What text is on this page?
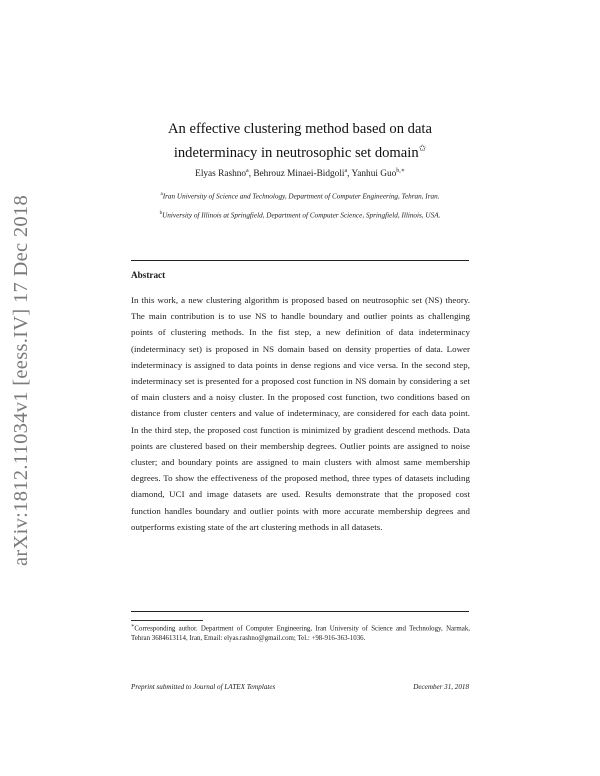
arXiv:1812.11034v1 [eess.IV] 17 Dec 2018
An effective clustering method based on data
indeterminacy in neutrosophic set domain✩
Elyas Rashno$^a$, Behrouz Minaei-Bidgoli$^a$, Yanhui Guo$^{b,∗}$
$^a$Iran University of Science and Technology, Department of Computer Engineering, Tehran, Iran.
$^b$University of Illinois at Springfield, Department of Computer Science, Springfield, Illinois, USA.
Abstract

In this work, a new clustering algorithm is proposed based on neutrosophic set (NS) theory. The main contribution is to use NS to handle boundary and outlier points as challenging points of clustering methods. In the fist step, a new definition of data indeterminacy (indeterminacy set) is proposed in NS domain based on density properties of data. Lower indeterminacy is assigned to data points in dense regions and vice versa. In the second step, indeterminacy set is presented for a proposed cost function in NS domain by considering a set of main clusters and a noisy cluster. In the proposed cost function, two conditions based on distance from cluster centers and value of indeterminacy, are considered for each data point. In the third step, the proposed cost function is minimized by gradient descend methods. Data points are clustered based on their membership degrees. Outlier points are assigned to noise cluster; and boundary points are assigned to main clusters with almost same membership degrees. To show the effectiveness of the proposed method, three types of datasets including diamond, UCI and image datasets are used. Results demonstrate that the proposed cost function handles boundary and outlier points with more accurate membership degrees and outperforms existing state of the art clustering methods in all datasets.

∗Corresponding author. Department of Computer Engineering, Iran University of Science and Technology, Narmak, Tehran 3684613114, Iran, Email: elyas.rashno@gmail.com; Tel.: +98-916-363-1036.

Preprint submitted to Journal of LATEX Templates	December 31, 2018
